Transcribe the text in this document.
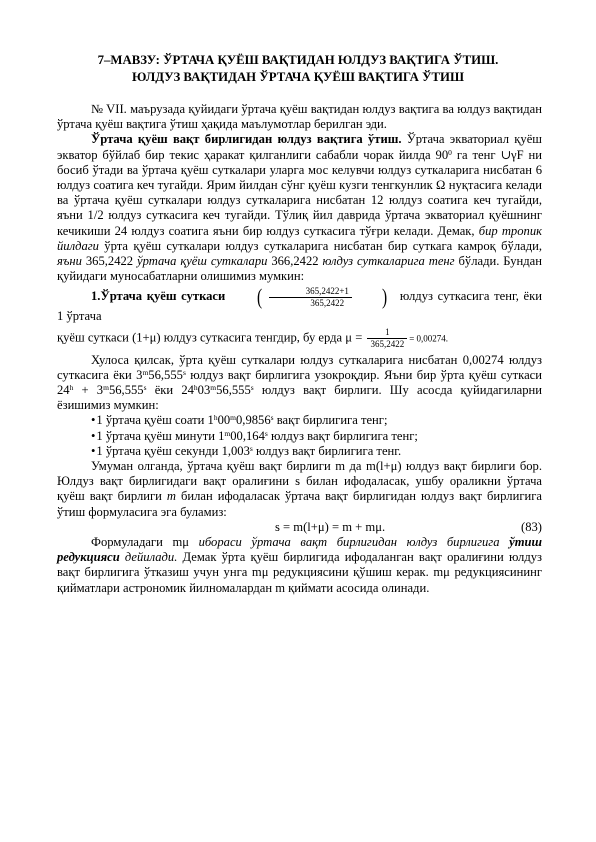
7–МАВЗУ: ЎРТАЧА ҚУЁШ ВАҚТИДАН ЮЛДУЗ ВАҚТИГА ЎТИШ.
ЮЛДУЗ ВАҚТИДАН ЎРТАЧА ҚУЁШ ВАҚТИГА ЎТИШ

№ VII. маърузада қуйидаги ўртача қуёш вақтидан юлдуз вақтига ва юлдуз вақтидан ўртача қуёш вақтига ўтиш ҳақида маълумотлар берилган эди.

Ўртача қуёш вақт бирлигидан юлдуз вақтига ўтиш. Ўртача экваториал қуёш экватор бўйлаб бир текис ҳаракат қилганлиги сабабли чорак йилда $90^0$ га тенг ∪γF ни босиб ўтади ва ўртача қуёш суткалари уларга мос келувчи юлдуз суткаларига нисбатан 6 юлдуз соатига кеч тугайди. Ярим йилдан сўнг қуёш кузги тенгкунлик Ω нуқтасига келади ва ўртача қуёш суткалари юлдуз суткаларига нисбатан 12 юлдуз соатига кеч тугайди, яъни 1/2 юлдуз суткасига кеч тугайди. Тўлиқ йил даврида ўртача экваториал қуёшнинг кечикиши 24 юлдуз соатига яъни бир юлдуз суткасига тўғри келади. Демак, бир тропик йилдаги ўрта қуёш суткалари юлдуз суткаларига нисбатан бир суткага камроқ бўлади, яъни 365,2422 ўртача қуёш суткалари 366,2422 юлдуз суткаларига тенг бўлади. Бундан қуйидаги муносабатларни олишимиз мумкин:

1.Ўртача қуёш суткаси	( $\frac{365,2422+1}{365,2422}$	) юлдуз суткасига тенг, ёки 1 ўртача

қуёш суткаси (1+μ) юлдуз суткасига тенгдир, бу ерда $\mu = \frac{1}{365,2422} = 0,00274$.

Хулоса қилсак, ўрта қуёш суткалари юлдуз суткаларига нисбатан 0,00274 юлдуз суткасига ёки 3$^m$56,555$^s$ юлдуз вақт бирлигига узокроқдир. Яъни бир ўрта қуёш суткаси $24^h + 3^m56,555^s$ ёки 24$^h$03$^m$56,555$^s$ юлдуз вақт бирлиги. Шу асосда қуйидагиларни ёзишимиз мумкин:

•1 ўртача қуёш соати 1$^h$00$^m$0,9856$^s$ вақт бирлигига тенг;

•1 ўртача қуёш минути 1$^m$00,164$^s$ юлдуз вақт бирлигига тенг;

•1 ўртача қуёш секунди 1,003$^s$ юлдуз вақт бирлигига тенг.

Умуман олганда, ўртача қуёш вақт бирлиги m да m(l+μ) юлдуз вақт бирлиги бор. Юлдуз вақт бирлигидаги вақт оралиғини s билан ифодаласак, ушбу ораликни ўртача қуёш вақт бирлиги m билан ифодаласак ўртача вақт бирлигидан юлдуз вақт бирлигига ўтиш формуласига эга буламиз:

s = m(l+μ) = m + mμ.	(83)

Формуладаги mμ ибораси ўртача вақт бирлигидан юлдуз бирлигига ўтиш редукцияси дейилади. Демак ўрта қуёш бирлигида ифодаланган вақт оралиғини юлдуз вақт бирлигига ўтказиш учун унга mμ редукциясини қўшиш керак. mμ редукциясининг қийматлари астрономик йилномалардан m қиймати асосида олинади.
